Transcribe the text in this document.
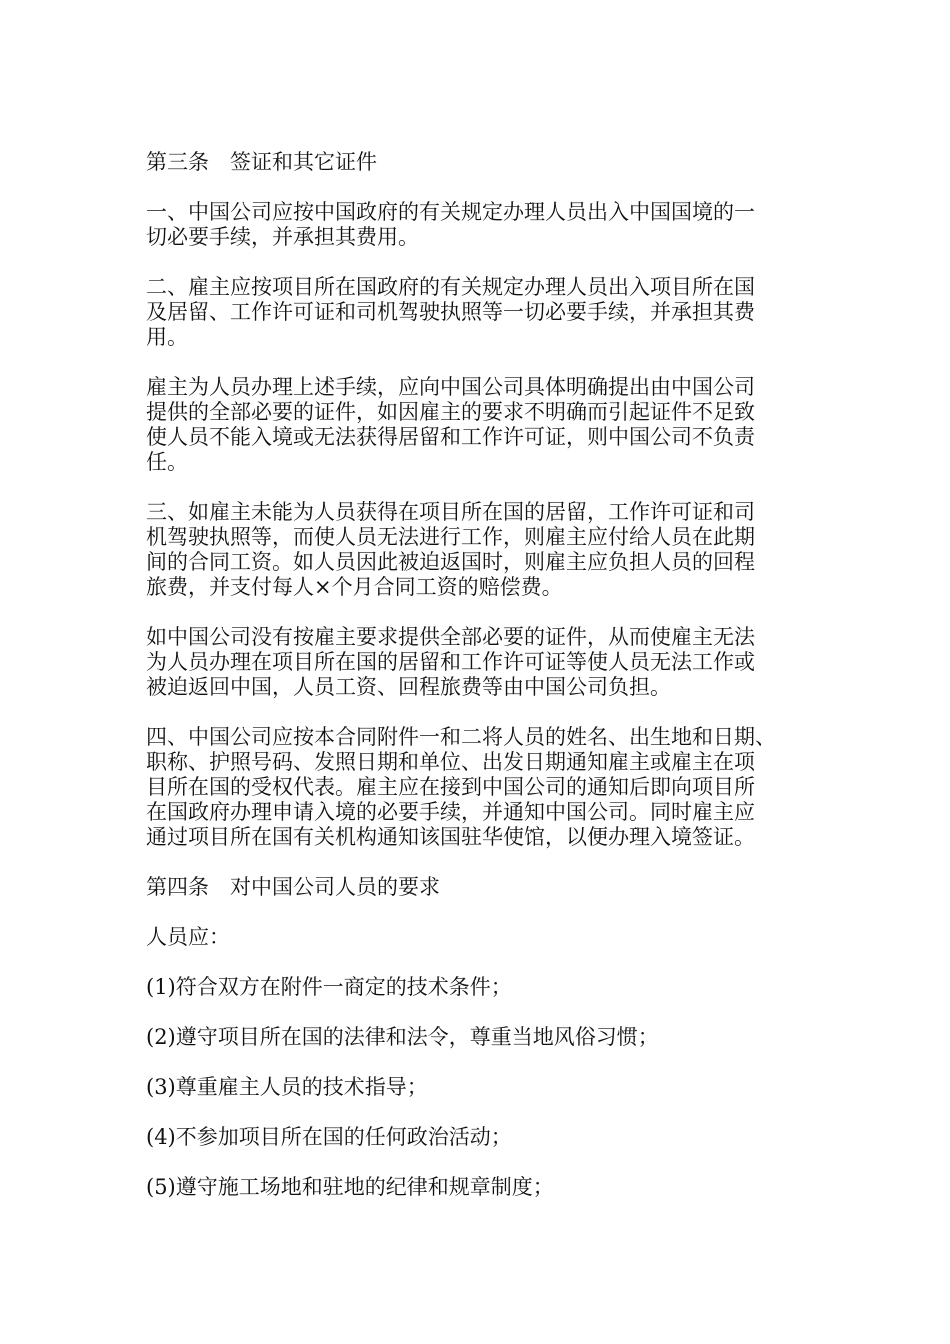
第三条　签证和其它证件
一、中国公司应按中国政府的有关规定办理人员出入中国国境的一
切必要手续，并承担其费用。
二、雇主应按项目所在国政府的有关规定办理人员出入项目所在国
及居留、工作许可证和司机驾驶执照等一切必要手续，并承担其费
用。
雇主为人员办理上述手续，应向中国公司具体明确提出由中国公司
提供的全部必要的证件，如因雇主的要求不明确而引起证件不足致
使人员不能入境或无法获得居留和工作许可证，则中国公司不负责
任。
三、如雇主未能为人员获得在项目所在国的居留，工作许可证和司
机驾驶执照等，而使人员无法进行工作，则雇主应付给人员在此期
间的合同工资。如人员因此被迫返国时，则雇主应负担人员的回程
旅费，并支付每人×个月合同工资的赔偿费。
如中国公司没有按雇主要求提供全部必要的证件，从而使雇主无法
为人员办理在项目所在国的居留和工作许可证等使人员无法工作或
被迫返回中国，人员工资、回程旅费等由中国公司负担。
四、中国公司应按本合同附件一和二将人员的姓名、出生地和日期、
职称、护照号码、发照日期和单位、出发日期通知雇主或雇主在项
目所在国的受权代表。雇主应在接到中国公司的通知后即向项目所
在国政府办理申请入境的必要手续，并通知中国公司。同时雇主应
通过项目所在国有关机构通知该国驻华使馆，以便办理入境签证。
第四条　对中国公司人员的要求
人员应：
(1)符合双方在附件一商定的技术条件；
(2)遵守项目所在国的法律和法令，尊重当地风俗习惯；
(3)尊重雇主人员的技术指导；
(4)不参加项目所在国的任何政治活动；
(5)遵守施工场地和驻地的纪律和规章制度；
